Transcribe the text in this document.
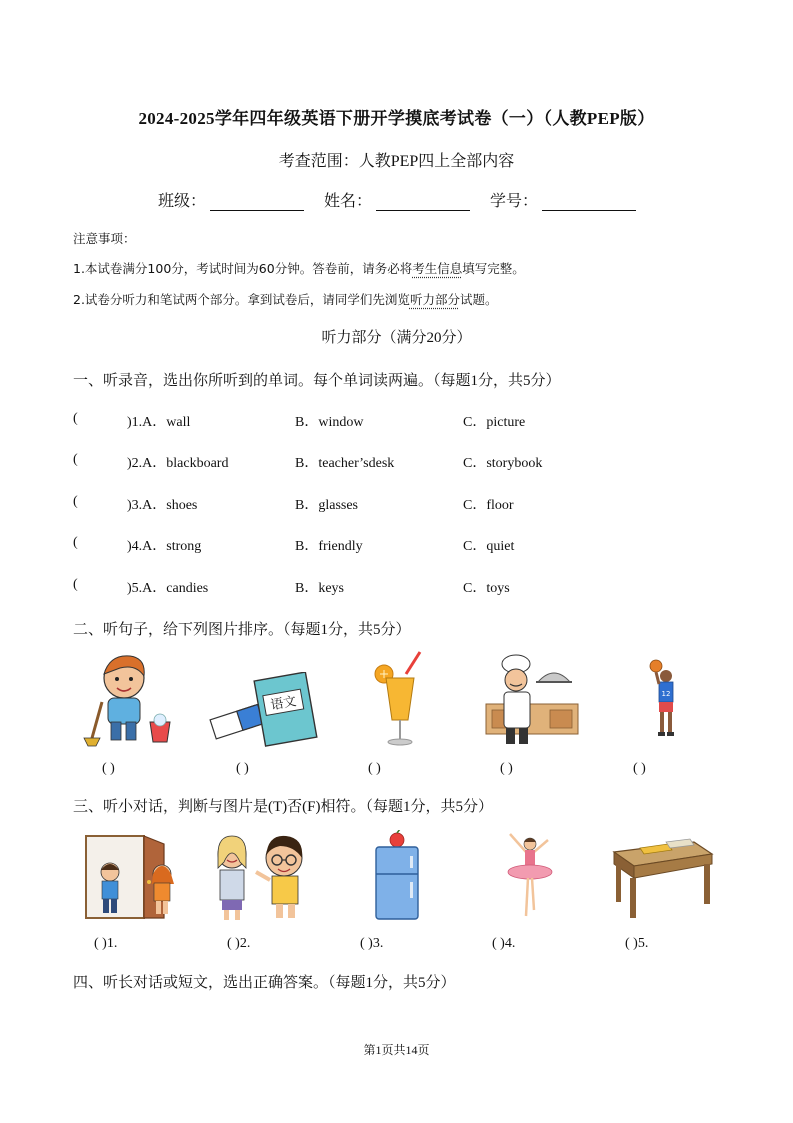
2024-2025学年四年级英语下册开学摸底考试卷（一）（人教PEP版）
考查范围：人教PEP四上全部内容
班级：	姓名：	学号：
注意事项：
1.本试卷满分100分，考试时间为60分钟。答卷前，请务必将考生信息填写完整。
2.试卷分听力和笔试两个部分。拿到试卷后，请同学们先浏览听力部分试题。
听力部分（满分20分）
一、听录音，选出你所听到的单词。每个单词读两遍。（每题1分，共5分）
(	)1.A．wall	B．window	C．picture
(	)2.A．blackboard	B．teacher’sdesk	C．storybook
(	)3.A．shoes	B．glasses	C．floor
(	)4.A．strong	B．friendly	C．quiet
(	)5.A．candies	B．keys	C．toys
二、听句子，给下列图片排序。（每题1分，共5分）
语文
12
( )	( )	( )	( )	( )
三、听小对话，判断与图片是(T)否(F)相符。（每题1分，共5分）
( )1.	( )2.	( )3.	( )4.	( )5.
四、听长对话或短文，选出正确答案。（每题1分，共5分）
第1页共14页
